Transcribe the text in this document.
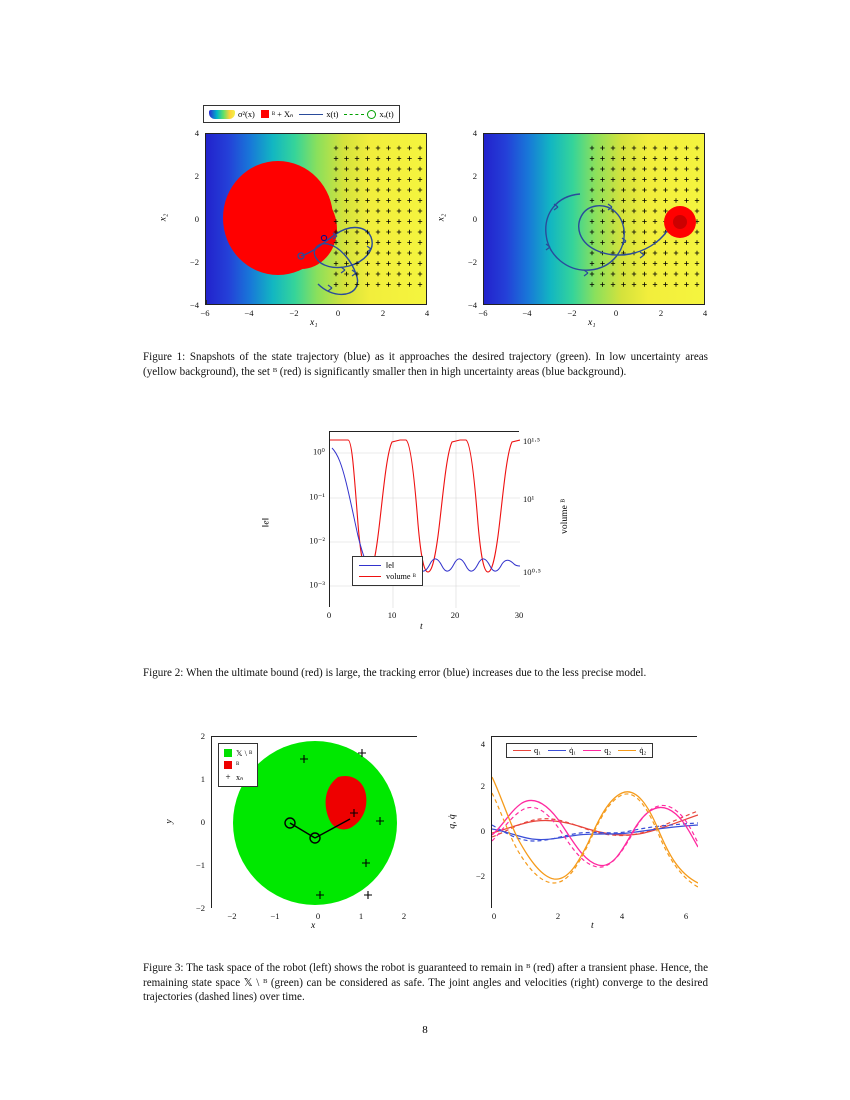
σ²(x) ᴮ + Xₙ	x(t)	xₔ(t)
−6	−4	−2	0	2	4
4
2
0
−2
−4
x₁
x₂
−6	−4	−2	0	2	4
4
2
0
−2
−4
x₁
x₂
Figure 1: Snapshots of the state trajectory (blue) as it approaches the desired trajectory (green). In low uncertainty areas (yellow background), the set ᴮ (red) is significantly smaller then in high uncertainty areas (blue background).
‖e‖
volume ᴮ
0	10	20	30
t
10⁰
10⁻¹
10⁻²
10⁻³
‖e‖
10¹·⁵
10¹
10⁰·⁵
volume ᴮ
Figure 2: When the ultimate bound (red) is large, the tracking error (blue) increases due to the less precise model.
𝕏 \ ᴮ
ᴮ
+ xₙ
−2	−1	0	1	2
x
2
1
0
−1
−2
y
q₁	q̇₁	q₂	q̇₂
0	2	4	6
t
4
2
0
−2
q, q̇
Figure 3: The task space of the robot (left) shows the robot is guaranteed to remain in ᴮ (red) after a transient phase. Hence, the remaining state space 𝕏 \ ᴮ (green) can be considered as safe. The joint angles and velocities (right) converge to the desired trajectories (dashed lines) over time.
8
